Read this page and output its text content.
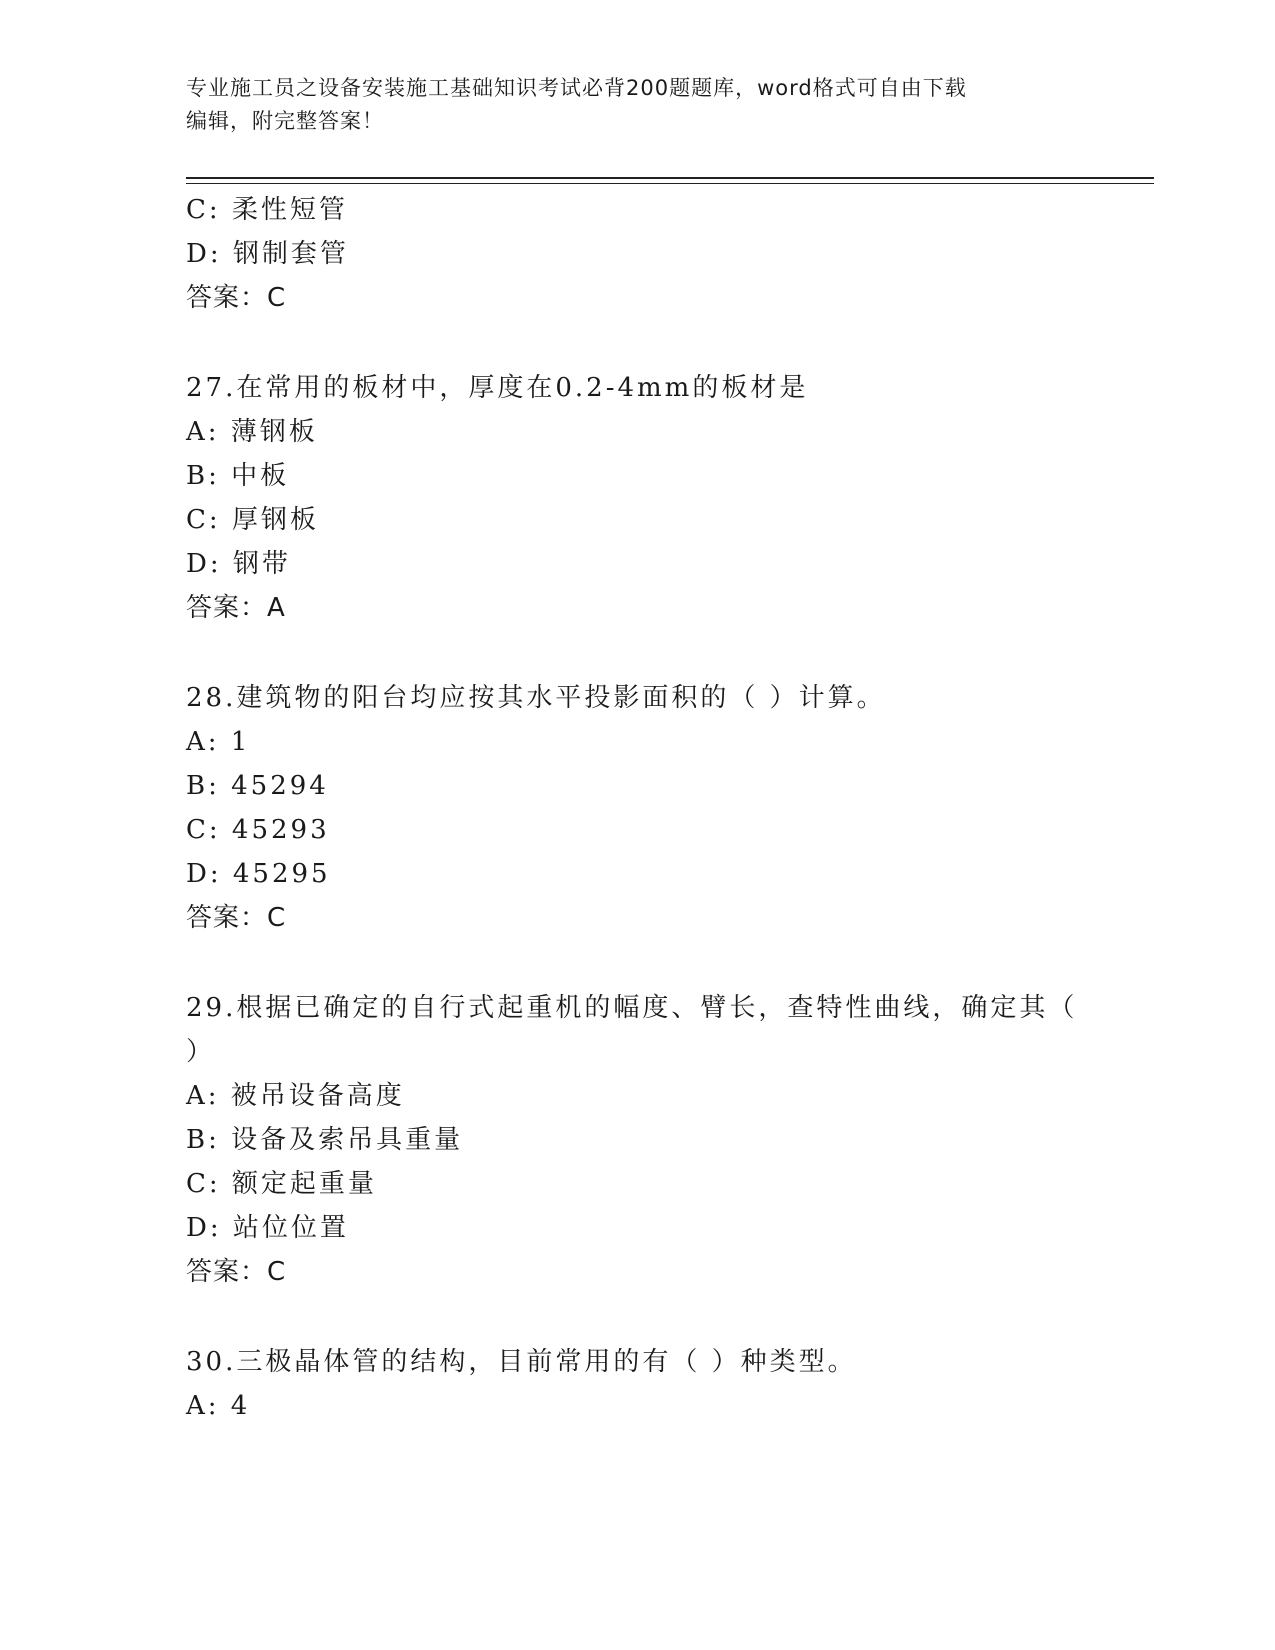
专业施工员之设备安装施工基础知识考试必背200题题库，word格式可自由下载
编辑，附完整答案！
C: 柔性短管
D: 钢制套管
答案：C
27.在常用的板材中，厚度在0.2-4mm的板材是
A: 薄钢板
B: 中板
C: 厚钢板
D: 钢带
答案：A
28.建筑物的阳台均应按其水平投影面积的（ ）计算。
A: 1
B: 45294
C: 45293
D: 45295
答案：C
29.根据已确定的自行式起重机的幅度、臂长，查特性曲线，确定其（
）
A: 被吊设备高度
B: 设备及索吊具重量
C: 额定起重量
D: 站位位置
答案：C
30.三极晶体管的结构，目前常用的有（ ）种类型。
A: 4
